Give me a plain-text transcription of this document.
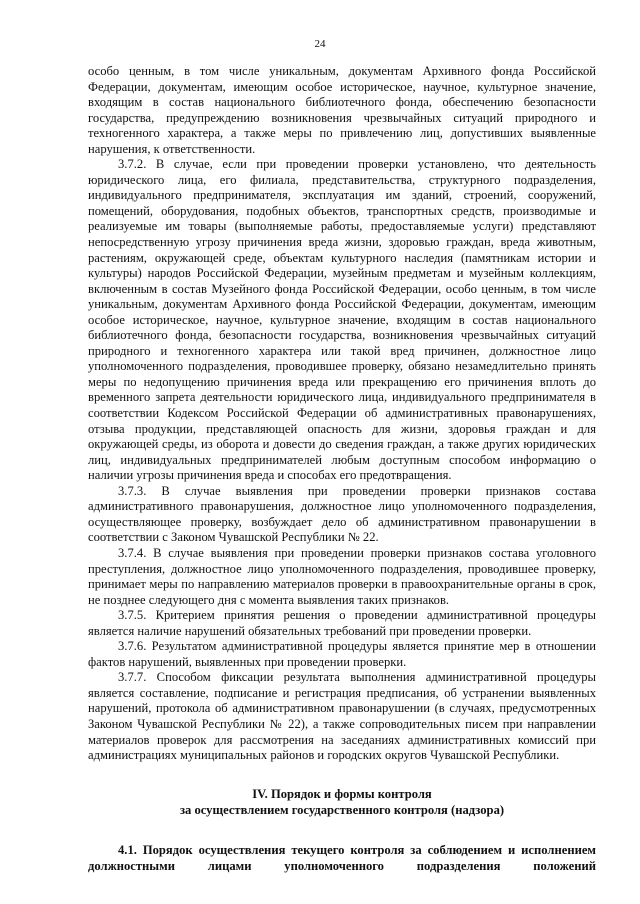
24

особо ценным, в том числе уникальным, документам Архивного фонда Российской Федерации, документам, имеющим особое историческое, научное, культурное значение, входящим в состав национального библиотечного фонда, обеспечению безопасности государства, предупреждению возникновения чрезвычайных ситуаций природного и техногенного характера, а также меры по привлечению лиц, допустивших выявленные нарушения, к ответственности.

3.7.2. В случае, если при проведении проверки установлено, что деятельность юридического лица, его филиала, представительства, структурного подразделения, индивидуального предпринимателя, эксплуатация им зданий, строений, сооружений, помещений, оборудования, подобных объектов, транспортных средств, производимые и реализуемые им товары (выполняемые работы, предоставляемые услуги) представляют непосредственную угрозу причинения вреда жизни, здоровью граждан, вреда животным, растениям, окружающей среде, объектам культурного наследия (памятникам истории и культуры) народов Российской Федерации, музейным предметам и музейным коллекциям, включенным в состав Музейного фонда Российской Федерации, особо ценным, в том числе уникальным, документам Архивного фонда Российской Федерации, документам, имеющим особое историческое, научное, культурное значение, входящим в состав национального библиотечного фонда, безопасности государства, возникновения чрезвычайных ситуаций природного и техногенного характера или такой вред причинен, должностное лицо уполномоченного подразделения, проводившее проверку, обязано незамедлительно принять меры по недопущению причинения вреда или прекращению его причинения вплоть до временного запрета деятельности юридического лица, индивидуального предпринимателя в соответствии Кодексом Российской Федерации об административных правонарушениях, отзыва продукции, представляющей опасность для жизни, здоровья граждан и для окружающей среды, из оборота и довести до сведения граждан, а также других юридических лиц, индивидуальных предпринимателей любым доступным способом информацию о наличии угрозы причинения вреда и способах его предотвращения.

3.7.3. В случае выявления при проведении проверки признаков состава административного правонарушения, должностное лицо уполномоченного подразделения, осуществляющее проверку, возбуждает дело об административном правонарушении в соответствии с Законом Чувашской Республики № 22.

3.7.4. В случае выявления при проведении проверки признаков состава уголовного преступления, должностное лицо уполномоченного подразделения, проводившее проверку, принимает меры по направлению материалов проверки в правоохранительные органы в срок, не позднее следующего дня с момента выявления таких признаков.

3.7.5. Критерием принятия решения о проведении административной процедуры является наличие нарушений обязательных требований при проведении проверки.

3.7.6. Результатом административной процедуры является принятие мер в отношении фактов нарушений, выявленных при проведении проверки.

3.7.7. Способом фиксации результата выполнения административной процедуры является составление, подписание и регистрация предписания, об устранении выявленных нарушений, протокола об административном правонарушении (в случаях, предусмотренных Законом Чувашской Республики № 22), а также сопроводительных писем при направлении материалов проверок для рассмотрения на заседаниях административных комиссий при администрациях муниципальных районов и городских округов Чувашской Республики.

IV. Порядок и формы контроля
за осуществлением государственного контроля (надзора)

4.1. Порядок осуществления текущего контроля за соблюдением и исполнением должностными лицами уполномоченного подразделения положений
